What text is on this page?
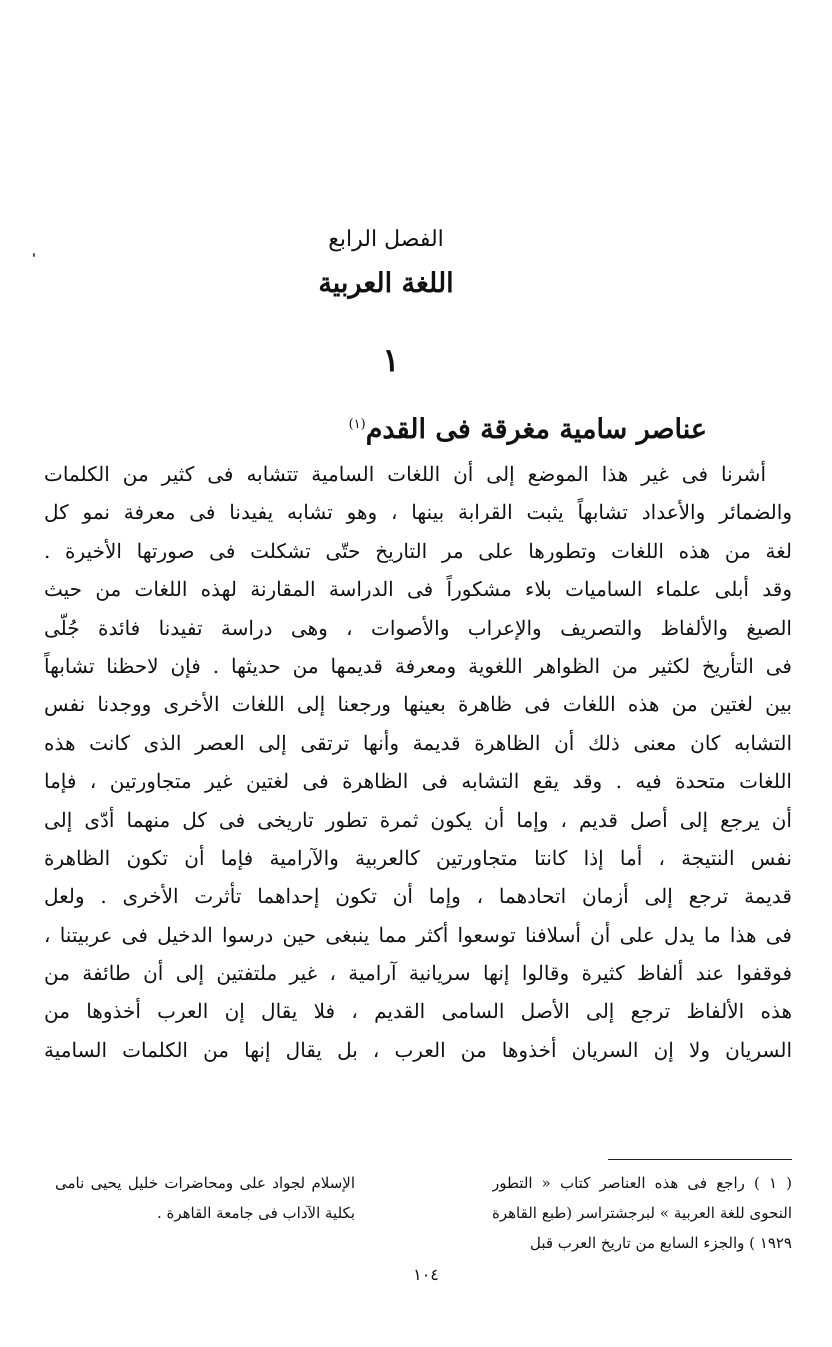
الفصل الرابع
اللغة العربية
١
عناصر سامية مغرقة فى القدم$^{(١)}$
أشرنا فى غير هذا الموضع إلى أن اللغات السامية تتشابه فى كثير من الكلمات
والضمائر والأعداد تشابهاً يثبت القرابة بينها ، وهو تشابه يفيدنا فى معرفة نمو كل
لغة من هذه اللغات وتطورها على مر التاريخ حتّى تشكلت فى صورتها الأخيرة .
وقد أبلى علماء الساميات بلاء مشكوراً فى الدراسة المقارنة لهذه اللغات من حيث
الصيغ والألفاظ والتصريف والإعراب والأصوات ، وهى دراسة تفيدنا فائدة جُلّى
فى التأريخ لكثير من الظواهر اللغوية ومعرفة قديمها من حديثها . فإن لاحظنا تشابهاً
بين لغتين من هذه اللغات فى ظاهرة بعينها ورجعنا إلى اللغات الأخرى ووجدنا نفس
التشابه كان معنى ذلك أن الظاهرة قديمة وأنها ترتقى إلى العصر الذى كانت هذه
اللغات متحدة فيه . وقد يقع التشابه فى الظاهرة فى لغتين غير متجاورتين ، فإما
أن يرجع إلى أصل قديم ، وإما أن يكون ثمرة تطور تاريخى فى كل منهما أدّى إلى
نفس النتيجة ، أما إذا كانتا متجاورتين كالعربية والآرامية فإما أن تكون الظاهرة
قديمة ترجع إلى أزمان اتحادهما ، وإما أن تكون إحداهما تأثرت الأخرى . ولعل
فى هذا ما يدل على أن أسلافنا توسعوا أكثر مما ينبغى حين درسوا الدخيل فى عربيتنا ،
فوقفوا عند ألفاظ كثيرة وقالوا إنها سريانية آرامية ، غير ملتفتين إلى أن طائفة من
هذه الألفاظ ترجع إلى الأصل السامى القديم ، فلا يقال إن العرب أخذوها من
السريان ولا إن السريان أخذوها من العرب ، بل يقال إنها من الكلمات السامية
( ١ ) راجع فى هذه العناصر كتاب « التطور
النحوى للغة العربية » لبرجشتراسر (طبع القاهرة
١٩٢٩ ) والجزء السابع من تاريخ العرب قبل
الإسلام لجواد على ومحاضرات خليل يحيى نامى
بكلية الآداب فى جامعة القاهرة .
١٠٤
